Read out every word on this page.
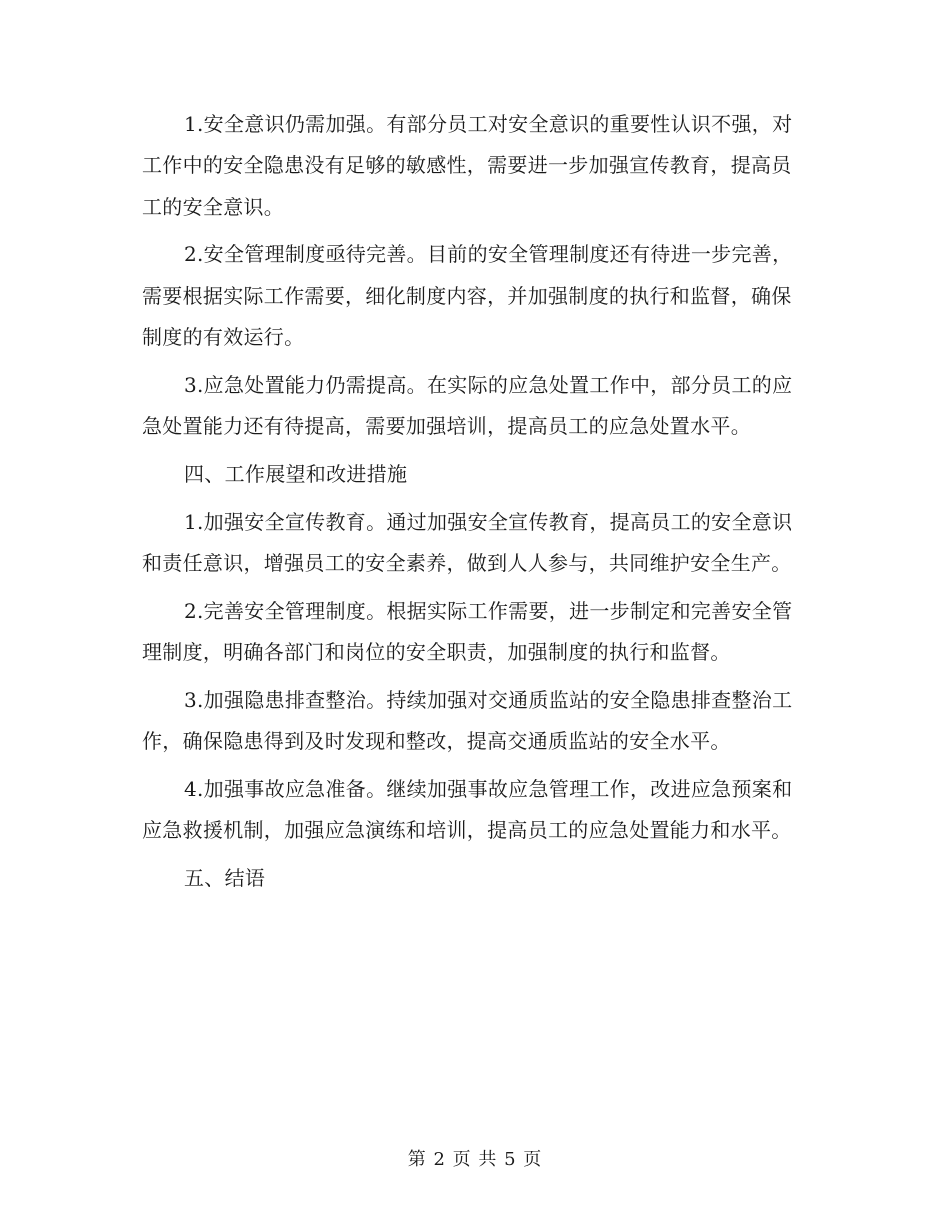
1.安全意识仍需加强。有部分员工对安全意识的重要性认识不强，对工作中的安全隐患没有足够的敏感性，需要进一步加强宣传教育，提高员工的安全意识。

2.安全管理制度亟待完善。目前的安全管理制度还有待进一步完善，需要根据实际工作需要，细化制度内容，并加强制度的执行和监督，确保制度的有效运行。

3.应急处置能力仍需提高。在实际的应急处置工作中，部分员工的应急处置能力还有待提高，需要加强培训，提高员工的应急处置水平。

四、工作展望和改进措施

1.加强安全宣传教育。通过加强安全宣传教育，提高员工的安全意识和责任意识，增强员工的安全素养，做到人人参与，共同维护安全生产。

2.完善安全管理制度。根据实际工作需要，进一步制定和完善安全管理制度，明确各部门和岗位的安全职责，加强制度的执行和监督。

3.加强隐患排查整治。持续加强对交通质监站的安全隐患排查整治工作，确保隐患得到及时发现和整改，提高交通质监站的安全水平。

4.加强事故应急准备。继续加强事故应急管理工作，改进应急预案和应急救援机制，加强应急演练和培训，提高员工的应急处置能力和水平。

五、结语

第 2 页 共 5 页
